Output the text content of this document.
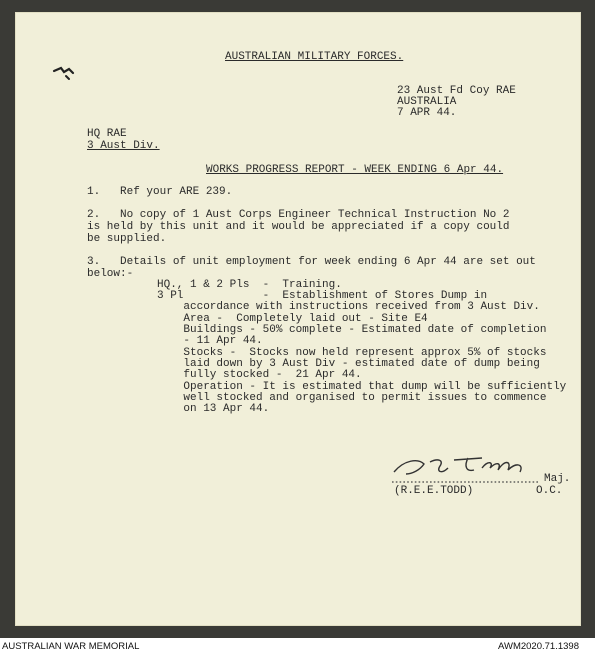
AUSTRALIAN MILITARY FORCES.
23 Aust Fd Coy RAE
AUSTRALIA
7 APR 44.
HQ RAE
3 Aust Div.
WORKS PROGRESS REPORT - WEEK ENDING 6 Apr 44.
1.   Ref your ARE 239.
2.   No copy of 1 Aust Corps Engineer Technical Instruction No 2
is held by this unit and it would be appreciated if a copy could
be supplied.
3.   Details of unit employment for week ending 6 Apr 44 are set out
below:-
HQ., 1 & 2 Pls  -  Training.
3 Pl            -  Establishment of Stores Dump in
accordance with instructions received from 3 Aust Div.
Area -  Completely laid out - Site E4
Buildings - 50% complete - Estimated date of completion
- 11 Apr 44.
Stocks -  Stocks now held represent approx 5% of stocks
laid down by 3 Aust Div - estimated date of dump being
fully stocked -  21 Apr 44.
Operation - It is estimated that dump will be sufficiently
well stocked and organised to permit issues to commence
on 13 Apr 44.
Maj.
(R.E.E.TODD)	O.C.
AUSTRALIAN WAR MEMORIAL	AWM2020.71.1398
